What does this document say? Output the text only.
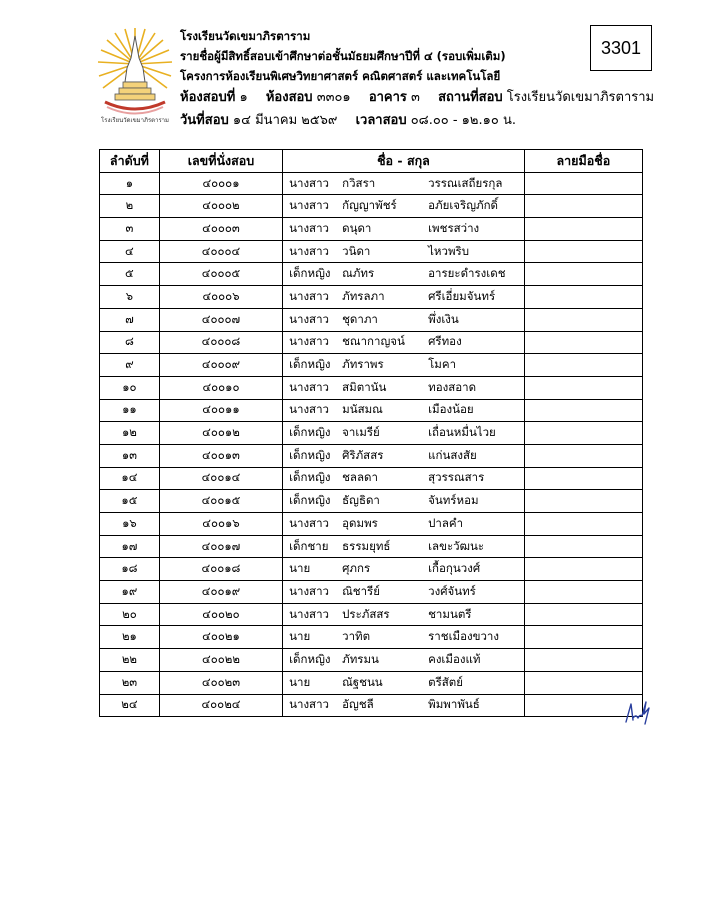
โรงเรียนวัดเขมาภิรตาราม
โรงเรียนวัดเขมาภิรตาราม
รายชื่อผู้มีสิทธิ์สอบเข้าศึกษาต่อชั้นมัธยมศึกษาปีที่ ๔ (รอบเพิ่มเติม)
โครงการห้องเรียนพิเศษวิทยาศาสตร์ คณิตศาสตร์ และเทคโนโลยี
ห้องสอบที่ ๑ ห้องสอบ ๓๓๐๑ อาคาร ๓ สถานที่สอบ โรงเรียนวัดเขมาภิรตาราม
วันที่สอบ ๑๔ มีนาคม ๒๕๖๙ เวลาสอบ ๐๘.๐๐ - ๑๒.๑๐ น.
3301
ลำดับที่	เลขที่นั่งสอบ	ชื่อ - สกุล	ลายมือชื่อ
๑	๔๐๐๐๑	นางสาว กวิสรา วรรณเสถียรกุล	

๒	๔๐๐๐๒	นางสาว กัญญาพัชร์ อภัยเจริญภักดิ์	

๓	๔๐๐๐๓	นางสาว ดนุดา เพชรสว่าง	

๔	๔๐๐๐๔	นางสาว วนิดา ไหวพริบ	

๕	๔๐๐๐๕	เด็กหญิง ณภัทร อารยะดำรงเดช	

๖	๔๐๐๐๖	นางสาว ภัทรลภา ศรีเอี่ยมจันทร์	

๗	๔๐๐๐๗	นางสาว ชุดาภา พึ่งเงิน	

๘	๔๐๐๐๘	นางสาว ชณากาญจน์ ศรีทอง	

๙	๔๐๐๐๙	เด็กหญิง ภัทราพร โมคา	

๑๐	๔๐๐๑๐	นางสาว สมิตานัน ทองสอาด	

๑๑	๔๐๐๑๑	นางสาว มนัสมณ เมืองน้อย	

๑๒	๔๐๐๑๒	เด็กหญิง จาเมรีย์ เถื่อนหมื่นไวย	

๑๓	๔๐๐๑๓	เด็กหญิง ศิริภัสสร แก่นสงสัย	

๑๔	๔๐๐๑๔	เด็กหญิง ชลลดา สุวรรณสาร	

๑๕	๔๐๐๑๕	เด็กหญิง ธัญธิดา จันทร์หอม	

๑๖	๔๐๐๑๖	นางสาว อุดมพร ปาลคำ	

๑๗	๔๐๐๑๗	เด็กชาย ธรรมยุทธ์ เลขะวัฒนะ	

๑๘	๔๐๐๑๘	นาย ศุภกร เกื้อกุนวงศ์	

๑๙	๔๐๐๑๙	นางสาว ณิชารีย์ วงศ์จันทร์	

๒๐	๔๐๐๒๐	นางสาว ประภัสสร ชามนตรี	

๒๑	๔๐๐๒๑	นาย วาทิต ราชเมืองขวาง	

๒๒	๔๐๐๒๒	เด็กหญิง ภัทรมน คงเมืองแท้	

๒๓	๔๐๐๒๓	นาย ณัฐชนน ตรีสัตย์	

๒๔	๔๐๐๒๔	นางสาว อัญชลี พิมพาพันธ์	
